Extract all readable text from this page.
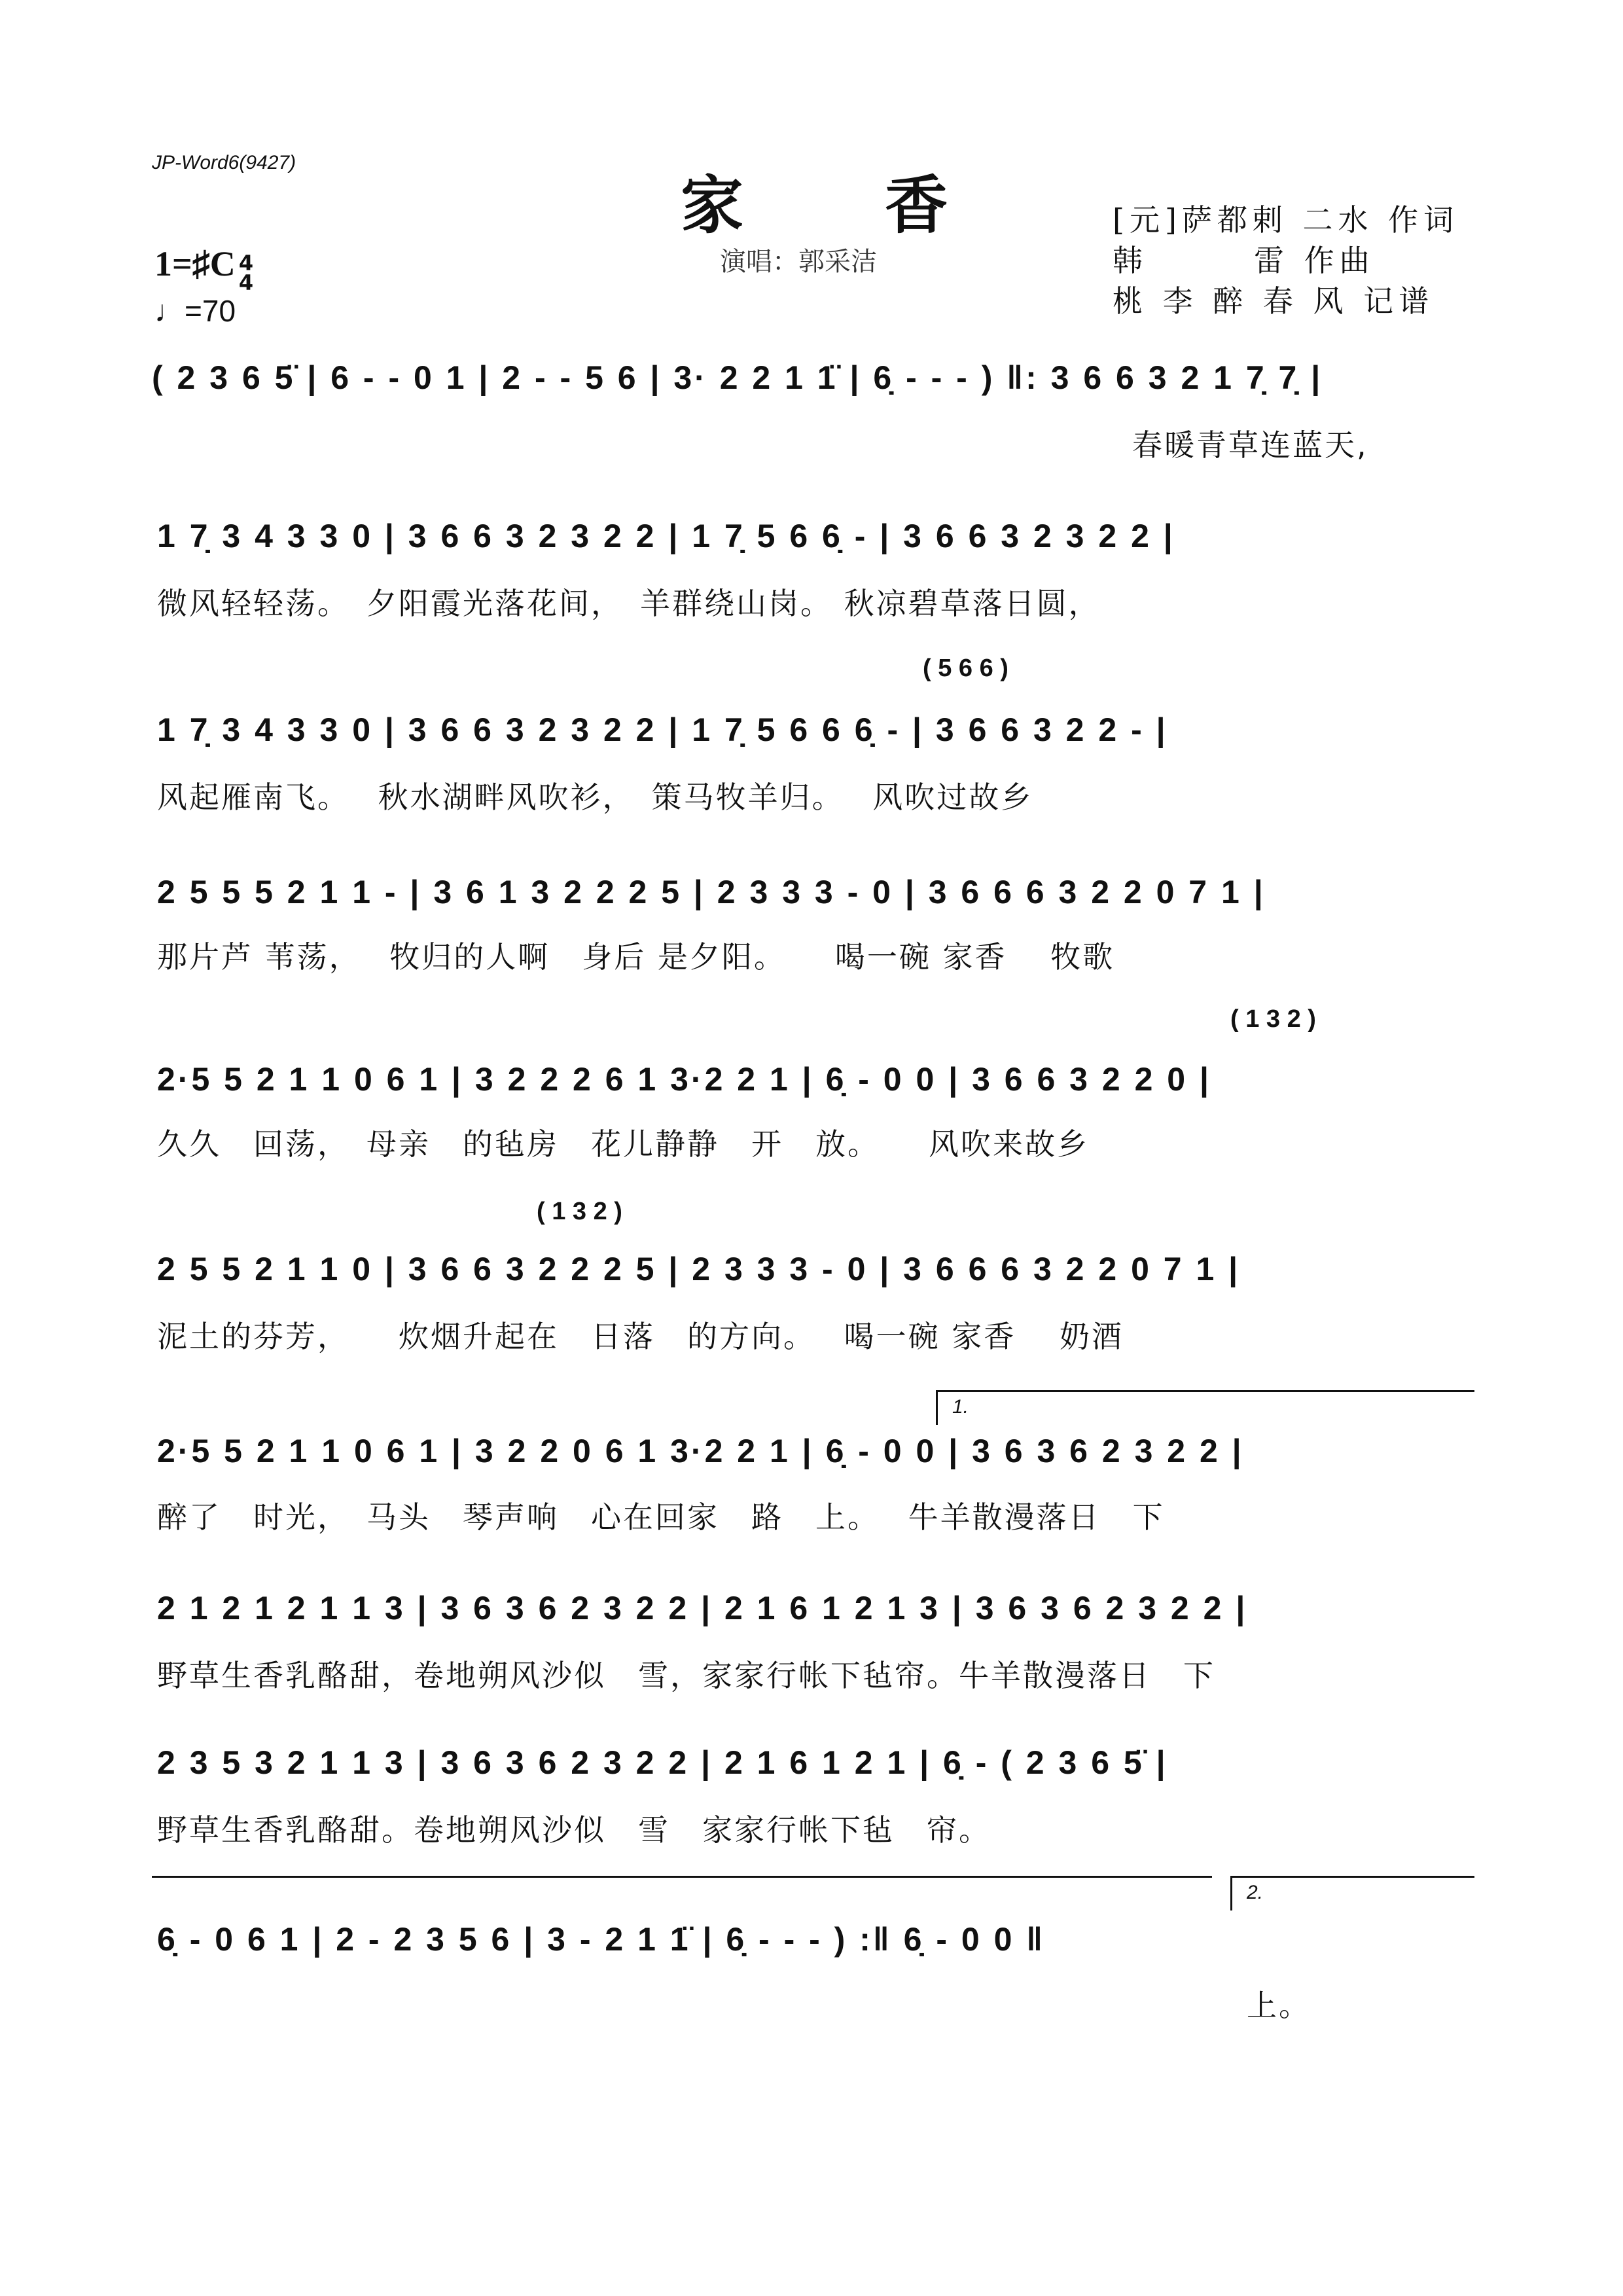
JP-Word6(9427)
家　香
演唱：郭采洁
[元]萨都剌 二水 作词
韩　　　雷 作曲
桃 李 醉 春 风 记谱
1=♯C 4
4
♩=70
( 2 3 6 5̈ | 6 - - 0 1 | 2 - - 5 6 | 3· 2 2 1 1̈ | 6̣ - - - ) ‖: 3 6 6 3 2 1 7̣ 7̣ |
春暖青草连蓝天,
1 7̣ 3 4 3 3 0 | 3 6 6 3 2 3 2 2 | 1 7̣ 5 6 6̣ - | 3 6 6 3 2 3 2 2 |
微风轻轻荡。　夕阳霞光落花间，　羊群绕山岗。 秋凉碧草落日圆，
( 5 6 6 )
1 7̣ 3 4 3 3 0 | 3 6 6 3 2 3 2 2 | 1 7̣ 5 6 6 6̣ - | 3 6 6 3 2 2 - |
风起雁南飞。　 秋水湖畔风吹衫，　策马牧羊归。　 风吹过故乡
2 5 5 5 2 1 1 - | 3 6 1 3 2 2 2 5 | 2 3 3 3 - 0 | 3 6 6 6 3 2 2 0 7 1 |
那片芦 苇荡，　 牧归的人啊　身后 是夕阳。　　喝一碗 家香　 牧歌
( 1 3 2 )
2·5 5 2 1 1 0 6 1 | 3 2 2 2 6 1 3·2 2 1 | 6̣ - 0 0 | 3 6 6 3 2 2 0 |
久久　回荡，　母亲　的毡房　花儿静静　开　放。　　风吹来故乡
( 1 3 2 )
2 5 5 2 1 1 0 | 3 6 6 3 2 2 2 5 | 2 3 3 3 - 0 | 3 6 6 6 3 2 2 0 7 1 |
泥土的芬芳，　　炊烟升起在　日落　的方向。　 喝一碗 家香　 奶酒
1.
2·5 5 2 1 1 0 6 1 | 3 2 2 0 6 1 3·2 2 1 | 6̣ - 0 0 | 3 6 3 6 2 3 2 2 |
醉了　时光，　马头　琴声响　心在回家　路　上。　 牛羊散漫落日　下
2 1 2 1 2 1 1 3 | 3 6 3 6 2 3 2 2 | 2 1 6 1 2 1 3 | 3 6 3 6 2 3 2 2 |
野草生香乳酪甜，卷地朔风沙似　雪，家家行帐下毡帘。牛羊散漫落日　下
2 3 5 3 2 1 1 3 | 3 6 3 6 2 3 2 2 | 2 1 6 1 2 1 | 6̣ - ( 2 3 6 5̈ |
野草生香乳酪甜。卷地朔风沙似　雪　家家行帐下毡　帘。
2.
6̣ - 0 6 1 | 2 - 2 3 5 6 | 3 - 2 1 1̈ | 6̣ - - - ) :‖ 6̣ - 0 0 ‖
上。
